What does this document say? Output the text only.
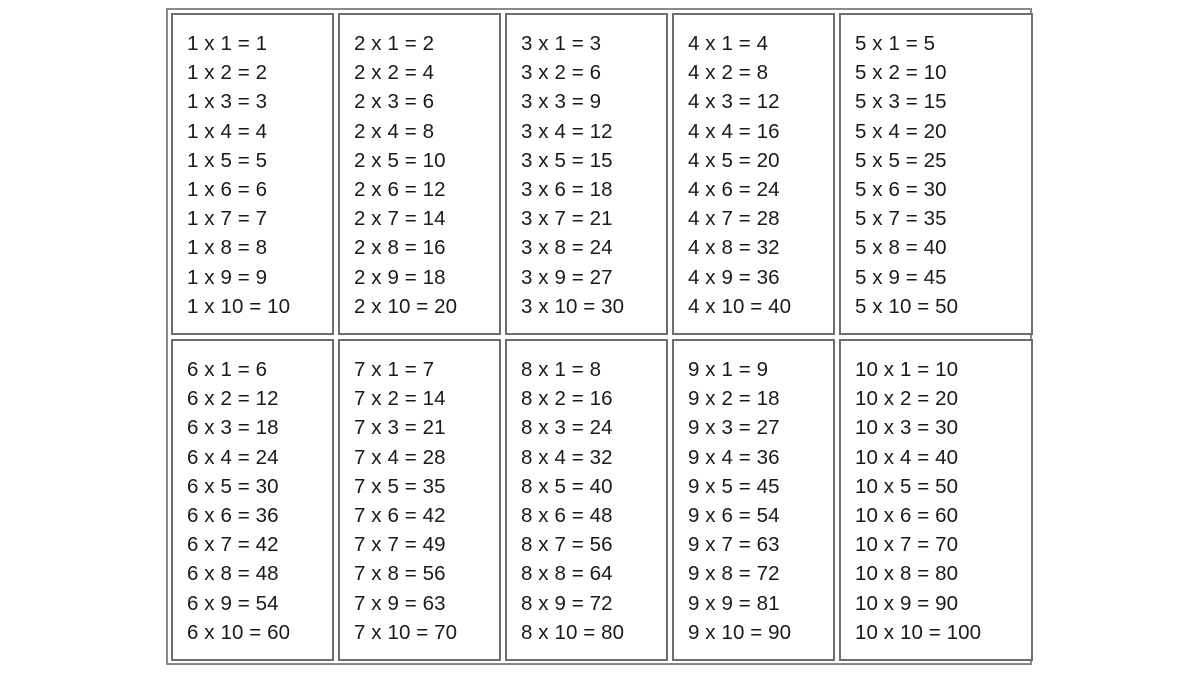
1 x 1 = 1
1 x 2 = 2
1 x 3 = 3
1 x 4 = 4
1 x 5 = 5
1 x 6 = 6
1 x 7 = 7
1 x 8 = 8
1 x 9 = 9
1 x 10 = 10
2 x 1 = 2
2 x 2 = 4
2 x 3 = 6
2 x 4 = 8
2 x 5 = 10
2 x 6 = 12
2 x 7 = 14
2 x 8 = 16
2 x 9 = 18
2 x 10 = 20
3 x 1 = 3
3 x 2 = 6
3 x 3 = 9
3 x 4 = 12
3 x 5 = 15
3 x 6 = 18
3 x 7 = 21
3 x 8 = 24
3 x 9 = 27
3 x 10 = 30
4 x 1 = 4
4 x 2 = 8
4 x 3 = 12
4 x 4 = 16
4 x 5 = 20
4 x 6 = 24
4 x 7 = 28
4 x 8 = 32
4 x 9 = 36
4 x 10 = 40
5 x 1 = 5
5 x 2 = 10
5 x 3 = 15
5 x 4 = 20
5 x 5 = 25
5 x 6 = 30
5 x 7 = 35
5 x 8 = 40
5 x 9 = 45
5 x 10 = 50
6 x 1 = 6
6 x 2 = 12
6 x 3 = 18
6 x 4 = 24
6 x 5 = 30
6 x 6 = 36
6 x 7 = 42
6 x 8 = 48
6 x 9 = 54
6 x 10 = 60
7 x 1 = 7
7 x 2 = 14
7 x 3 = 21
7 x 4 = 28
7 x 5 = 35
7 x 6 = 42
7 x 7 = 49
7 x 8 = 56
7 x 9 = 63
7 x 10 = 70
8 x 1 = 8
8 x 2 = 16
8 x 3 = 24
8 x 4 = 32
8 x 5 = 40
8 x 6 = 48
8 x 7 = 56
8 x 8 = 64
8 x 9 = 72
8 x 10 = 80
9 x 1 = 9
9 x 2 = 18
9 x 3 = 27
9 x 4 = 36
9 x 5 = 45
9 x 6 = 54
9 x 7 = 63
9 x 8 = 72
9 x 9 = 81
9 x 10 = 90
10 x 1 = 10
10 x 2 = 20
10 x 3 = 30
10 x 4 = 40
10 x 5 = 50
10 x 6 = 60
10 x 7 = 70
10 x 8 = 80
10 x 9 = 90
10 x 10 = 100
